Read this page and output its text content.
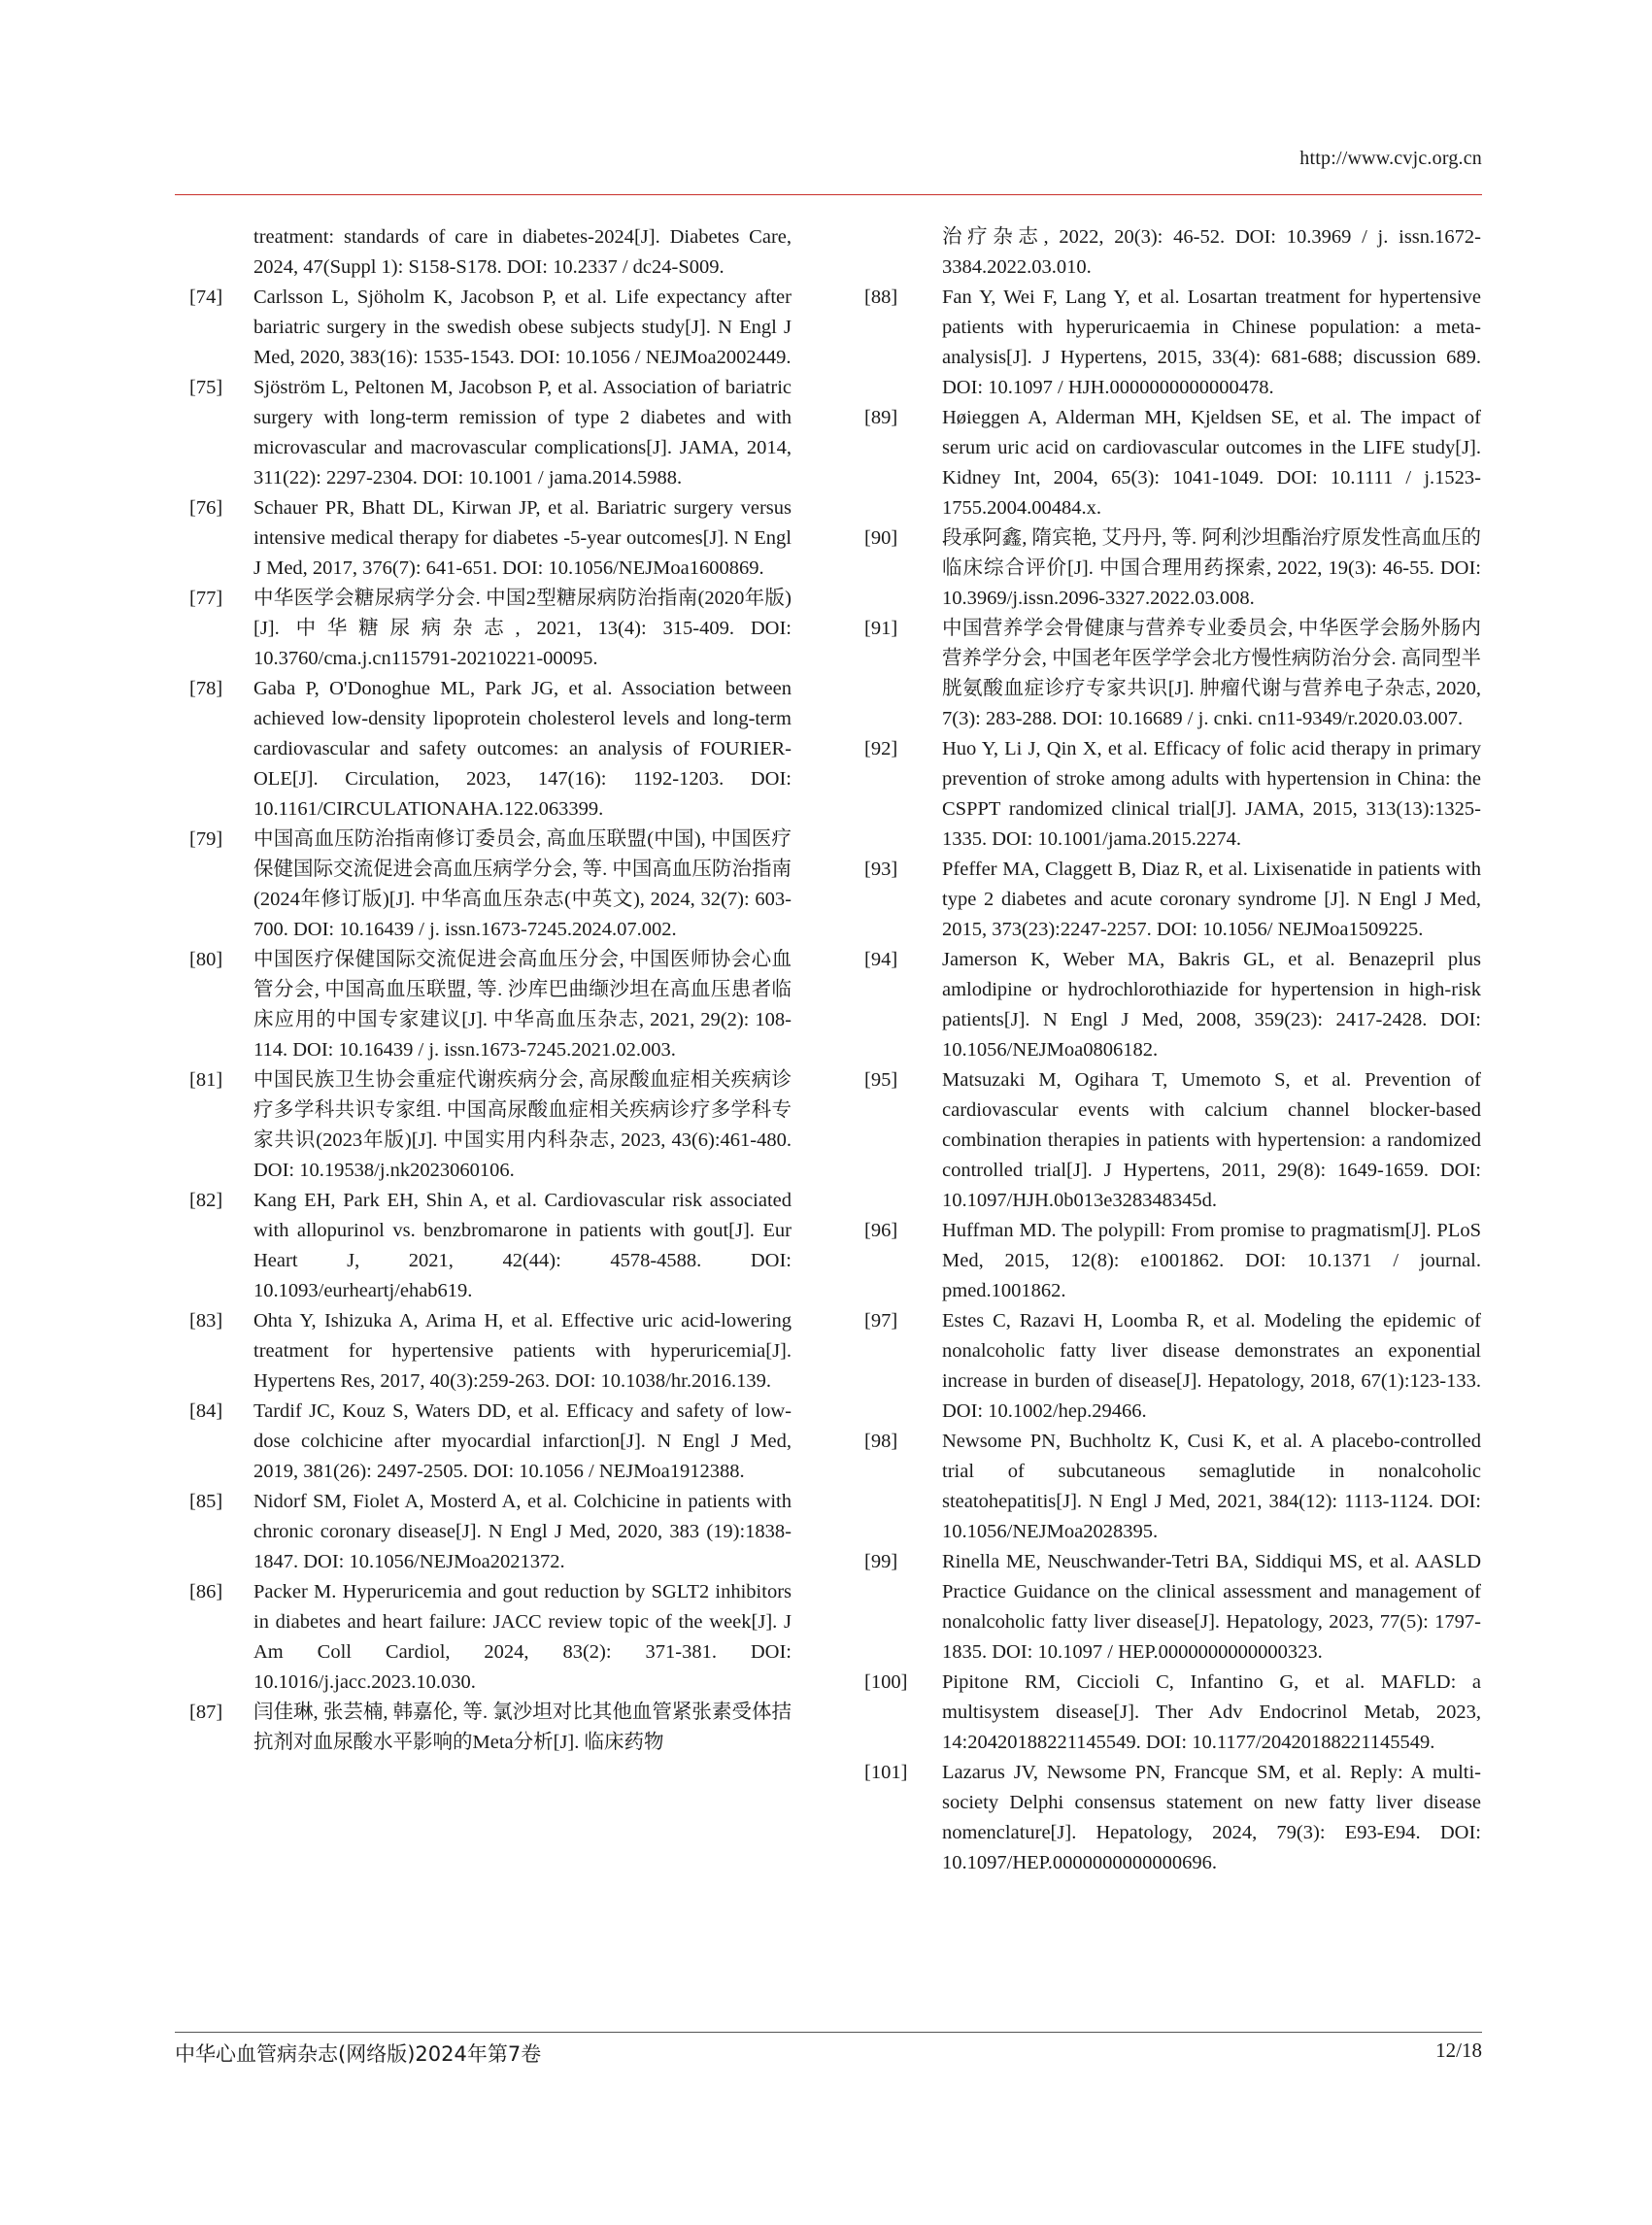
http://www.cvjc.org.cn
treatment: standards of care in diabetes-2024[J]. Diabetes Care, 2024, 47(Suppl 1): S158-S178. DOI: 10.2337 / dc24-S009.
[74]	Carlsson L, Sjöholm K, Jacobson P, et al. Life expectancy after bariatric surgery in the swedish obese subjects study[J]. N Engl J Med, 2020, 383(16): 1535-1543. DOI: 10.1056 / NEJMoa2002449.
[75]	Sjöström L, Peltonen M, Jacobson P, et al. Association of bariatric surgery with long-term remission of type 2 diabetes and with microvascular and macrovascular complications[J]. JAMA, 2014, 311(22): 2297-2304. DOI: 10.1001 / jama.2014.5988.
[76]	Schauer PR, Bhatt DL, Kirwan JP, et al. Bariatric surgery versus intensive medical therapy for diabetes -5-year outcomes[J]. N Engl J Med, 2017, 376(7): 641-651. DOI: 10.1056/NEJMoa1600869.
[77]	中华医学会糖尿病学分会. 中国2型糖尿病防治指南(2020年版) [J]. 中华糖尿病杂志, 2021, 13(4): 315-409. DOI: 10.3760/cma.j.cn115791-20210221-00095.
[78]	Gaba P, O'Donoghue ML, Park JG, et al. Association between achieved low-density lipoprotein cholesterol levels and long-term cardiovascular and safety outcomes: an analysis of FOURIER-OLE[J]. Circulation, 2023, 147(16): 1192-1203. DOI: 10.1161/CIRCULATIONAHA.122.063399.
[79]	中国高血压防治指南修订委员会, 高血压联盟(中国), 中国医疗保健国际交流促进会高血压病学分会, 等. 中国高血压防治指南(2024年修订版)[J]. 中华高血压杂志(中英文), 2024, 32(7): 603-700. DOI: 10.16439 / j. issn.1673-7245.2024.07.002.
[80]	中国医疗保健国际交流促进会高血压分会, 中国医师协会心血管分会, 中国高血压联盟, 等. 沙库巴曲缬沙坦在高血压患者临床应用的中国专家建议[J]. 中华高血压杂志, 2021, 29(2): 108-114. DOI: 10.16439 / j. issn.1673-7245.2021.02.003.
[81]	中国民族卫生协会重症代谢疾病分会, 高尿酸血症相关疾病诊疗多学科共识专家组. 中国高尿酸血症相关疾病诊疗多学科专家共识(2023年版)[J]. 中国实用内科杂志, 2023, 43(6):461-480. DOI: 10.19538/j.nk2023060106.
[82]	Kang EH, Park EH, Shin A, et al. Cardiovascular risk associated with allopurinol vs. benzbromarone in patients with gout[J]. Eur Heart J, 2021, 42(44): 4578-4588. DOI: 10.1093/eurheartj/ehab619.
[83]	Ohta Y, Ishizuka A, Arima H, et al. Effective uric acid-lowering treatment for hypertensive patients with hyperuricemia[J]. Hypertens Res, 2017, 40(3):259-263. DOI: 10.1038/hr.2016.139.
[84]	Tardif JC, Kouz S, Waters DD, et al. Efficacy and safety of low-dose colchicine after myocardial infarction[J]. N Engl J Med, 2019, 381(26): 2497-2505. DOI: 10.1056 / NEJMoa1912388.
[85]	Nidorf SM, Fiolet A, Mosterd A, et al. Colchicine in patients with chronic coronary disease[J]. N Engl J Med, 2020, 383 (19):1838-1847. DOI: 10.1056/NEJMoa2021372.
[86]	Packer M. Hyperuricemia and gout reduction by SGLT2 inhibitors in diabetes and heart failure: JACC review topic of the week[J]. J Am Coll Cardiol, 2024, 83(2): 371-381. DOI: 10.1016/j.jacc.2023.10.030.
[87]	闫佳琳, 张芸楠, 韩嘉伦, 等. 氯沙坦对比其他血管紧张素受体拮抗剂对血尿酸水平影响的Meta分析[J]. 临床药物
治疗杂志, 2022, 20(3): 46-52. DOI: 10.3969 / j. issn.1672-3384.2022.03.010.
[88]	Fan Y, Wei F, Lang Y, et al. Losartan treatment for hypertensive patients with hyperuricaemia in Chinese population: a meta-analysis[J]. J Hypertens, 2015, 33(4): 681-688; discussion 689. DOI: 10.1097 / HJH.0000000000000478.
[89]	Høieggen A, Alderman MH, Kjeldsen SE, et al. The impact of serum uric acid on cardiovascular outcomes in the LIFE study[J]. Kidney Int, 2004, 65(3): 1041-1049. DOI: 10.1111 / j.1523-1755.2004.00484.x.
[90]	段承阿鑫, 隋宾艳, 艾丹丹, 等. 阿利沙坦酯治疗原发性高血压的临床综合评价[J]. 中国合理用药探索, 2022, 19(3): 46-55. DOI: 10.3969/j.issn.2096-3327.2022.03.008.
[91]	中国营养学会骨健康与营养专业委员会, 中华医学会肠外肠内营养学分会, 中国老年医学学会北方慢性病防治分会. 高同型半胱氨酸血症诊疗专家共识[J]. 肿瘤代谢与营养电子杂志, 2020, 7(3): 283-288. DOI: 10.16689 / j. cnki. cn11-9349/r.2020.03.007.
[92]	Huo Y, Li J, Qin X, et al. Efficacy of folic acid therapy in primary prevention of stroke among adults with hypertension in China: the CSPPT randomized clinical trial[J]. JAMA, 2015, 313(13):1325-1335. DOI: 10.1001/jama.2015.2274.
[93]	Pfeffer MA, Claggett B, Diaz R, et al. Lixisenatide in patients with type 2 diabetes and acute coronary syndrome [J]. N Engl J Med, 2015, 373(23):2247-2257. DOI: 10.1056/ NEJMoa1509225.
[94]	Jamerson K, Weber MA, Bakris GL, et al. Benazepril plus amlodipine or hydrochlorothiazide for hypertension in high-risk patients[J]. N Engl J Med, 2008, 359(23): 2417-2428. DOI: 10.1056/NEJMoa0806182.
[95]	Matsuzaki M, Ogihara T, Umemoto S, et al. Prevention of cardiovascular events with calcium channel blocker-based combination therapies in patients with hypertension: a randomized controlled trial[J]. J Hypertens, 2011, 29(8): 1649-1659. DOI: 10.1097/HJH.0b013e328348345d.
[96]	Huffman MD. The polypill: From promise to pragmatism[J]. PLoS Med, 2015, 12(8): e1001862. DOI: 10.1371 / journal. pmed.1001862.
[97]	Estes C, Razavi H, Loomba R, et al. Modeling the epidemic of nonalcoholic fatty liver disease demonstrates an exponential increase in burden of disease[J]. Hepatology, 2018, 67(1):123-133. DOI: 10.1002/hep.29466.
[98]	Newsome PN, Buchholtz K, Cusi K, et al. A placebo-controlled trial of subcutaneous semaglutide in nonalcoholic steatohepatitis[J]. N Engl J Med, 2021, 384(12): 1113-1124. DOI: 10.1056/NEJMoa2028395.
[99]	Rinella ME, Neuschwander-Tetri BA, Siddiqui MS, et al. AASLD Practice Guidance on the clinical assessment and management of nonalcoholic fatty liver disease[J]. Hepatology, 2023, 77(5): 1797-1835. DOI: 10.1097 / HEP.0000000000000323.
[100]	Pipitone RM, Ciccioli C, Infantino G, et al. MAFLD: a multisystem disease[J]. Ther Adv Endocrinol Metab, 2023, 14:20420188221145549. DOI: 10.1177/20420188221145549.
[101]	Lazarus JV, Newsome PN, Francque SM, et al. Reply: A multi-society Delphi consensus statement on new fatty liver disease nomenclature[J]. Hepatology, 2024, 79(3): E93-E94. DOI: 10.1097/HEP.0000000000000696.
中华心血管病杂志(网络版)2024年第7卷	12/18
